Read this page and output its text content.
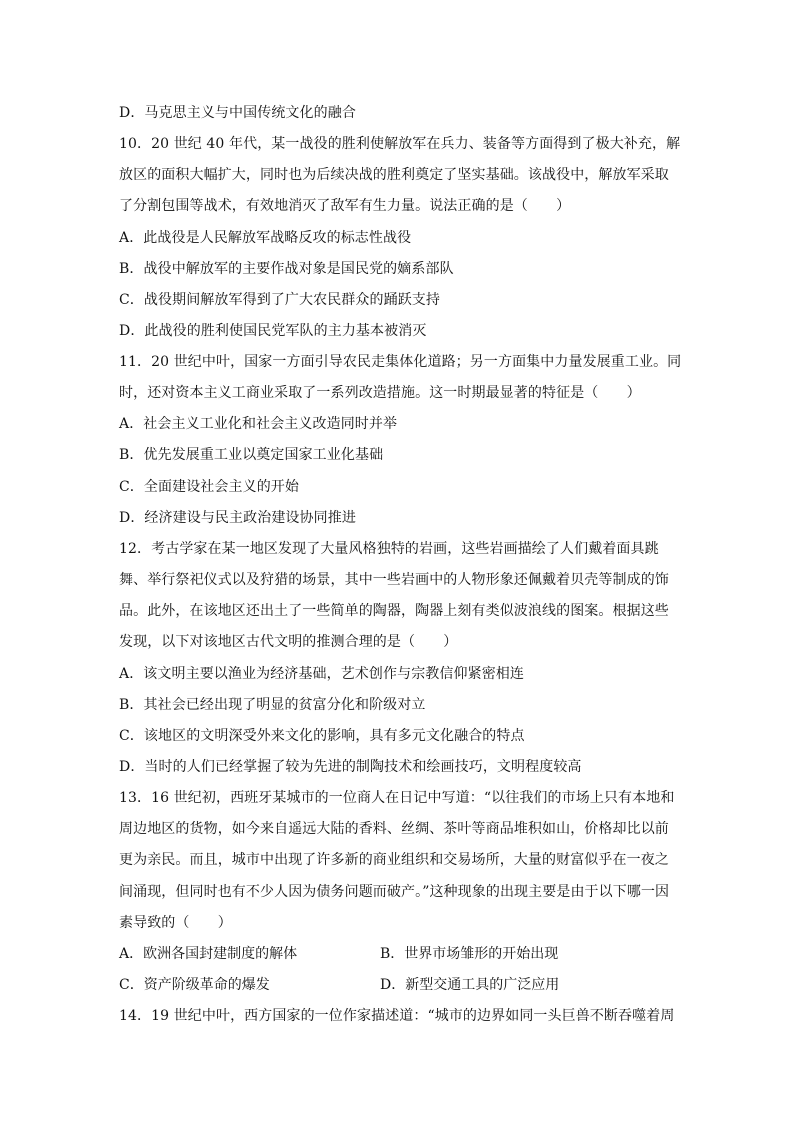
D．马克思主义与中国传统文化的融合
10．20 世纪 40 年代，某一战役的胜利使解放军在兵力、装备等方面得到了极大补充，解
放区的面积大幅扩大，同时也为后续决战的胜利奠定了坚实基础。该战役中，解放军采取
了分割包围等战术，有效地消灭了敌军有生力量。说法正确的是（　　）
A．此战役是人民解放军战略反攻的标志性战役
B．战役中解放军的主要作战对象是国民党的嫡系部队
C．战役期间解放军得到了广大农民群众的踊跃支持
D．此战役的胜利使国民党军队的主力基本被消灭
11．20 世纪中叶，国家一方面引导农民走集体化道路；另一方面集中力量发展重工业。同
时，还对资本主义工商业采取了一系列改造措施。这一时期最显著的特征是（　　）
A．社会主义工业化和社会主义改造同时并举
B．优先发展重工业以奠定国家工业化基础
C．全面建设社会主义的开始
D．经济建设与民主政治建设协同推进
12．考古学家在某一地区发现了大量风格独特的岩画，这些岩画描绘了人们戴着面具跳
舞、举行祭祀仪式以及狩猎的场景，其中一些岩画中的人物形象还佩戴着贝壳等制成的饰
品。此外，在该地区还出土了一些简单的陶器，陶器上刻有类似波浪线的图案。根据这些
发现，以下对该地区古代文明的推测合理的是（　　）
A．该文明主要以渔业为经济基础，艺术创作与宗教信仰紧密相连
B．其社会已经出现了明显的贫富分化和阶级对立
C．该地区的文明深受外来文化的影响，具有多元文化融合的特点
D．当时的人们已经掌握了较为先进的制陶技术和绘画技巧，文明程度较高
13．16 世纪初，西班牙某城市的一位商人在日记中写道：“以往我们的市场上只有本地和
周边地区的货物，如今来自遥远大陆的香料、丝绸、茶叶等商品堆积如山，价格却比以前
更为亲民。而且，城市中出现了许多新的商业组织和交易场所，大量的财富似乎在一夜之
间涌现，但同时也有不少人因为债务问题而破产。”这种现象的出现主要是由于以下哪一因
素导致的（　　）
A．欧洲各国封建制度的解体	B．世界市场雏形的开始出现
C．资产阶级革命的爆发	D．新型交通工具的广泛应用
14．19 世纪中叶，西方国家的一位作家描述道：“城市的边界如同一头巨兽不断吞噬着周
